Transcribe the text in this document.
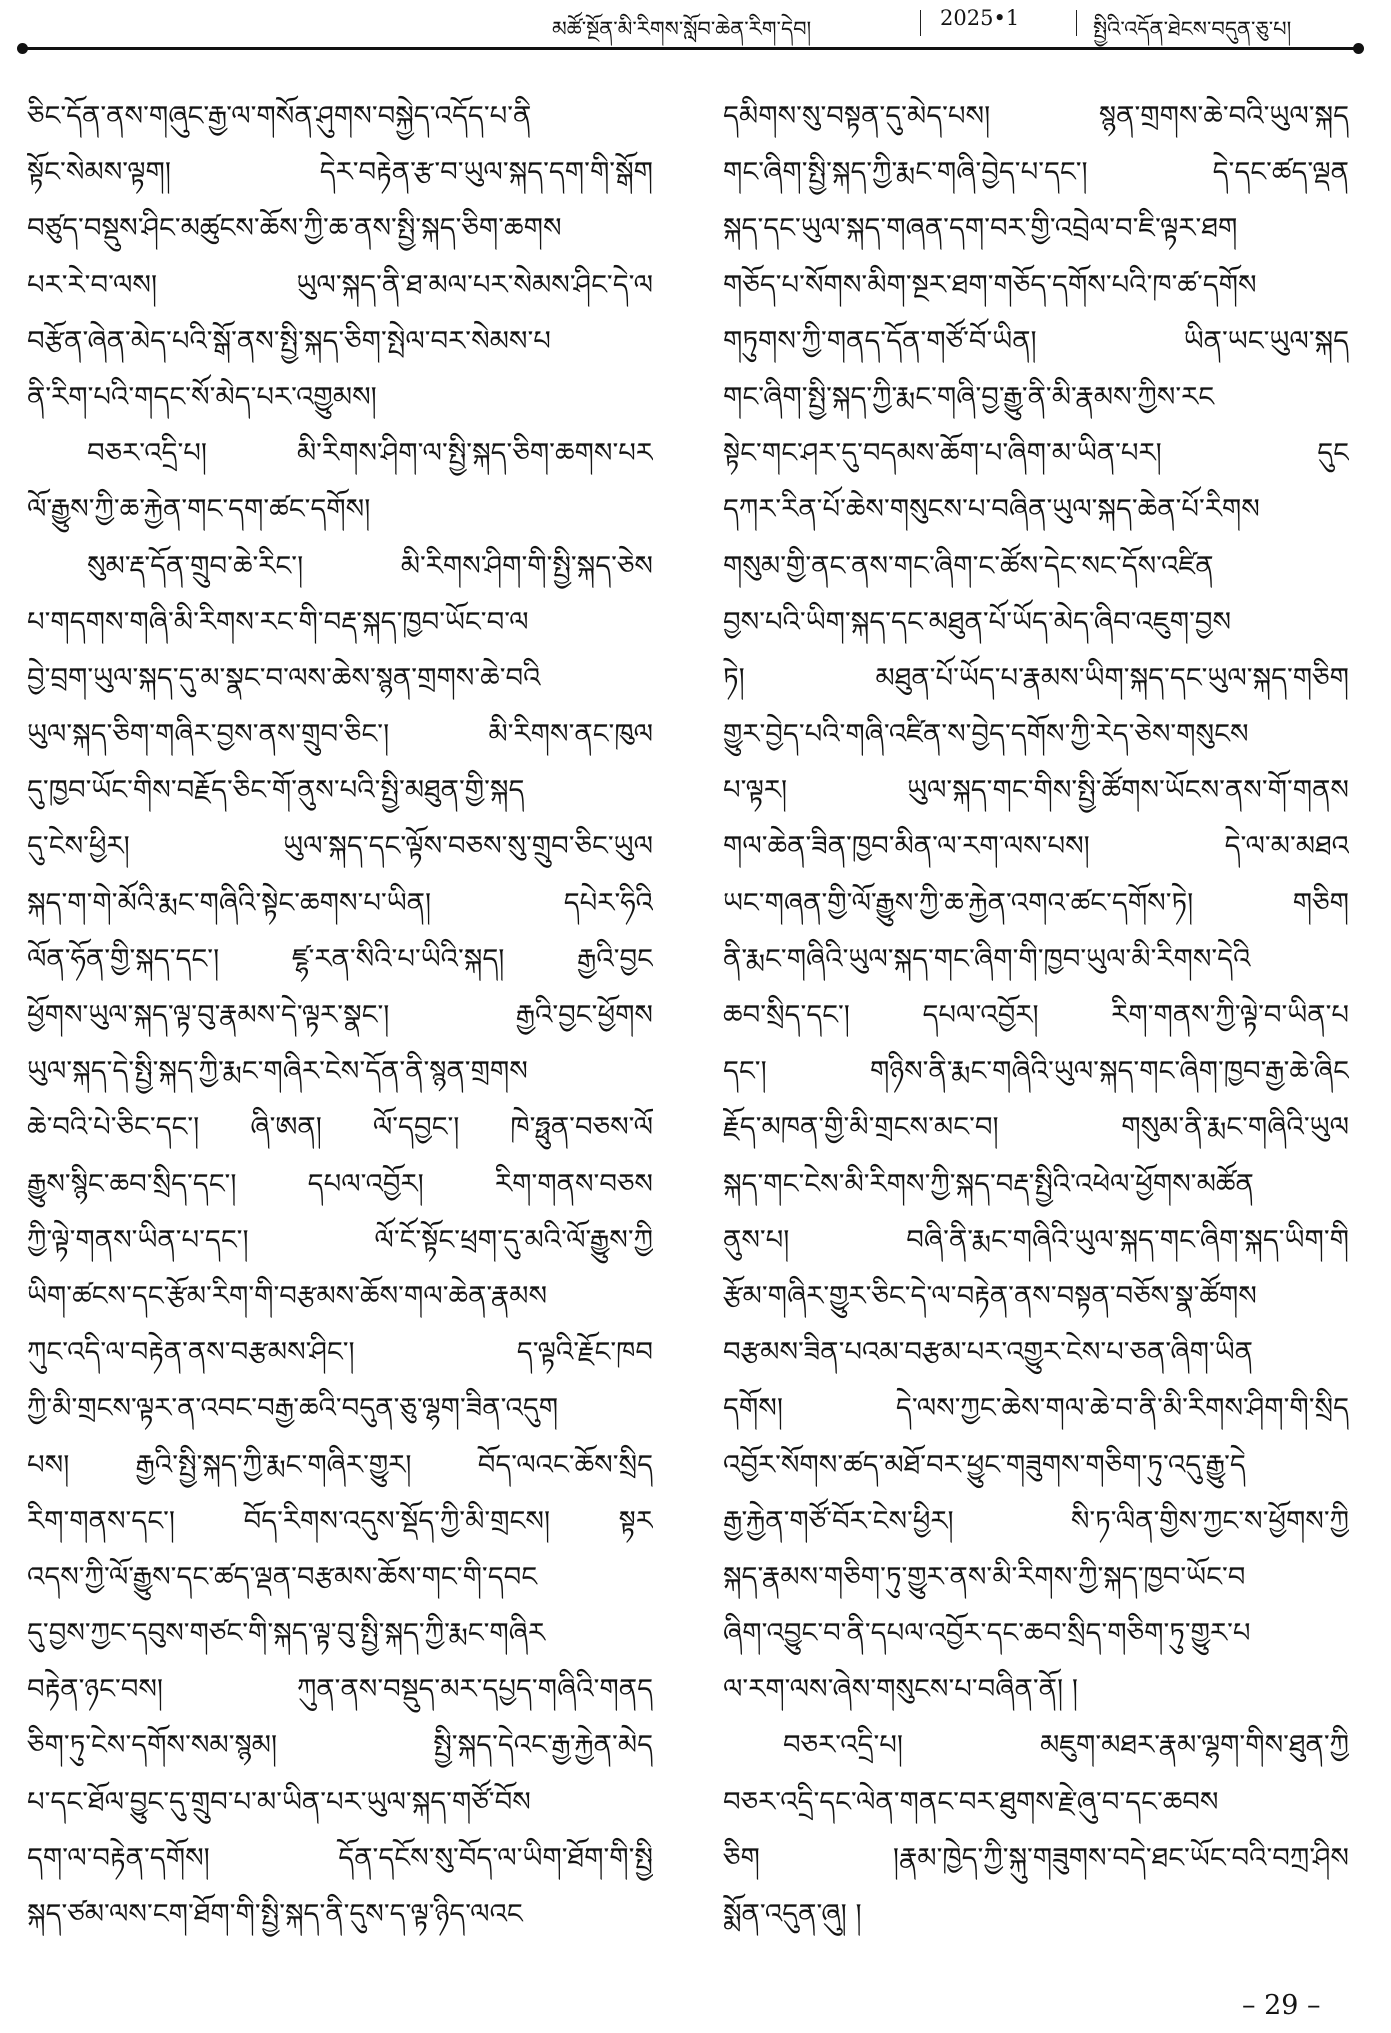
མཚོ་སྔོན་མི་རིགས་སློབ་ཆེན་རིག་དེབ།	2025•1	སྤྱིའི་འདོན་ཐེངས་བདུན་ཅུ་པ།
ཅིང་དོན་ནས་གཞུང་རྒྱ་ལ་གསོན་ཤུགས་བསྐྱེད་འདོད་པ་ནི
སྟོང་སེམས་ལྟག། དེར་བརྟེན་རྩ་བ་ཡུལ་སྐད་དག་གི་སྒོག
བཙུད་བསྡུས་ཤིང་མཚུངས་ཆོས་ཀྱི་ཆ་ནས་སྤྱི་སྐད་ཅིག་ཆགས
པར་རེ་བ་ལས། ཡུལ་སྐད་ནི་ཐ་མལ་པར་སེམས་ཤིང་དེ་ལ
བརྩོན་ཞེན་མེད་པའི་སྒོ་ནས་སྤྱི་སྐད་ཅིག་སྤེལ་བར་སེམས་པ
ནི་རིག་པའི་གདང་སོ་མེད་པར་འགྱུམས།
བཅར་འདྲི་པ། མི་རིགས་ཤིག་ལ་སྤྱི་སྐད་ཅིག་ཆགས་པར
ལོ་རྒྱུས་ཀྱི་ཆ་རྐྱེན་གང་དག་ཚང་དགོས།
སུམ་རྡ་དོན་གྲུབ་ཆེ་རིང་། མི་རིགས་ཤིག་གི་སྤྱི་སྐད་ཅེས
པ་གདགས་གཞི་མི་རིགས་རང་གི་བརྡ་སྐད་ཁྱབ་ཡོང་བ་ལ
བྱེ་བྲག་ཡུལ་སྐད་དུ་མ་སྣང་བ་ལས་ཆེས་སྙན་གྲགས་ཆེ་བའི
ཡུལ་སྐད་ཅིག་གཞིར་བྱས་ནས་གྲུབ་ཅིང་། མི་རིགས་ནང་ཁུལ
དུ་ཁྱབ་ཡོང་གིས་བརྗོད་ཅིང་གོ་ནུས་པའི་སྤྱི་མཐུན་གྱི་སྐད
དུ་ངེས་ཕྱིར། ཡུལ་སྐད་དང་ལྟོས་བཅས་སུ་གྲུབ་ཅིང་ཡུལ
སྐད་ག་གེ་མོའི་རྨང་གཞིའི་སྟེང་ཆགས་པ་ཡིན། དཔེར་ཧིའི
ལོན་ཧོན་གྱི་སྐད་དང་། ཛྷ་རན་སིའི་པ་ཡིའི་སྐད། རྒྱའི་བྱང
ཕྱོགས་ཡུལ་སྐད་ལྟ་བུ་རྣམས་དེ་ལྟར་སྣང་། རྒྱའི་བྱང་ཕྱོགས
ཡུལ་སྐད་དེ་སྤྱི་སྐད་ཀྱི་རྨང་གཞིར་ངེས་དོན་ནི་སྙན་གྲགས
ཆེ་བའི་པེ་ཅིང་དང་། ཞི་ཨན། ལོ་དབྱང་། ཁེ་ཧྥུན་བཅས་ལོ
རྒྱུས་སྙིང་ཆབ་སྲིད་དང་། དཔལ་འབྱོར། རིག་གནས་བཅས
ཀྱི་ལྟེ་གནས་ཡིན་པ་དང་། ལོ་ངོ་སྟོང་ཕྲག་དུ་མའི་ལོ་རྒྱུས་ཀྱི
ཡིག་ཚངས་དང་རྩོམ་རིག་གི་བརྩམས་ཆོས་གལ་ཆེན་རྣམས
ཀུང་འདི་ལ་བརྟེན་ནས་བརྩམས་ཤིང་། ད་ལྟའི་རྗོང་ཁབ
ཀྱི་མི་གྲངས་ལྟར་ན་འབང་བརྒྱ་ཆའི་བདུན་ཅུ་ལྷག་ཟིན་འདུག
པས། རྒྱའི་སྤྱི་སྐད་ཀྱི་རྨང་གཞིར་གྱུར། བོད་ལའང་ཆོས་སྲིད
རིག་གནས་དང་། བོད་རིགས་འདུས་སྡོད་ཀྱི་མི་གྲངས། སྟར
འདས་ཀྱི་ལོ་རྒྱུས་དང་ཚད་ལྡན་བརྩམས་ཆོས་གང་གི་དབང
དུ་བྱས་ཀྱང་དབུས་གཙང་གི་སྐད་ལྟ་བུ་སྤྱི་སྐད་ཀྱི་རྨང་གཞིར
བརྟེན་ཉང་བས། ཀུན་ནས་བསྡུད་མར་དཔྱད་གཞིའི་གནད
ཅིག་ཏུ་ངེས་དགོས་སམ་སྙམ། སྤྱི་སྐད་དེའང་རྒྱ་རྐྱེན་མེད
པ་དང་ཐོལ་བྱུང་དུ་གྲུབ་པ་མ་ཡིན་པར་ཡུལ་སྐད་གཙོ་བོས
དག་ལ་བརྟེན་དགོས། དོན་དངོས་སུ་བོད་ལ་ཡིག་ཐོག་གི་སྤྱི
སྐད་ཙམ་ལས་ངག་ཐོག་གི་སྤྱི་སྐད་ནི་དུས་ད་ལྟ་ཉིད་ལའང
དམིགས་སུ་བསྟན་དུ་མེད་པས། སྙན་གྲགས་ཆེ་བའི་ཡུལ་སྐད
གང་ཞིག་སྤྱི་སྐད་ཀྱི་རྨང་གཞི་བྱེད་པ་དང་། དེ་དང་ཚད་ལྡན
སྐད་དང་ཡུལ་སྐད་གཞན་དག་བར་གྱི་འབྲེལ་བ་ཇི་ལྟར་ཐག
གཅོད་པ་སོགས་མིག་སྔར་ཐག་གཅོད་དགོས་པའི་ཁ་ཚ་དགོས
གཏུགས་ཀྱི་གནད་དོན་གཙོ་བོ་ཡིན། ཡིན་ཡང་ཡུལ་སྐད
གང་ཞིག་སྤྱི་སྐད་ཀྱི་རྨང་གཞི་བྱ་རྒྱུ་ནི་མི་རྣམས་ཀྱིས་རང
སྟེང་གང་ཤར་དུ་བདམས་ཆོག་པ་ཞིག་མ་ཡིན་པར། དུང
དཀར་རིན་པོ་ཆེས་གསུངས་པ་བཞིན་ཡུལ་སྐད་ཆེན་པོ་རིགས
གསུམ་གྱི་ནང་ནས་གང་ཞིག་ང་ཚོས་དེང་སང་དོས་འཛིན
བྱས་པའི་ཡིག་སྐད་དང་མཐུན་པོ་ཡོད་མེད་ཞིབ་འཇུག་བྱས
ཏེ། མཐུན་པོ་ཡོད་པ་རྣམས་ཡིག་སྐད་དང་ཡུལ་སྐད་གཅིག
གྱུར་བྱེད་པའི་གཞི་འཛིན་ས་བྱེད་དགོས་ཀྱི་རེད་ཅེས་གསུངས
པ་ལྟར། ཡུལ་སྐད་གང་གིས་སྤྱི་ཚོགས་ཡོངས་ནས་གོ་གནས
གལ་ཆེན་ཟིན་ཁྱབ་མིན་ལ་རག་ལས་པས། དེ་ལ་མ་མཐའ
ཡང་གཞན་གྱི་ལོ་རྒྱུས་ཀྱི་ཆ་རྐྱེན་འགའ་ཚང་དགོས་ཏེ། གཅིག
ནི་རྨང་གཞིའི་ཡུལ་སྐད་གང་ཞིག་གི་ཁྱབ་ཡུལ་མི་རིགས་དེའི
ཆབ་སྲིད་དང་། དཔལ་འབྱོར། རིག་གནས་ཀྱི་ལྟེ་བ་ཡིན་པ
དང་། གཉིས་ནི་རྨང་གཞིའི་ཡུལ་སྐད་གང་ཞིག་ཁྱབ་རྒྱ་ཆེ་ཞིང
རྗོད་མཁན་གྱི་མི་གྲངས་མང་བ། གསུམ་ནི་རྨང་གཞིའི་ཡུལ
སྐད་གང་ངེས་མི་རིགས་ཀྱི་སྐད་བརྡ་སྤྱིའི་འཕེལ་ཕྱོགས་མཚོན
ནུས་པ། བཞི་ནི་རྨང་གཞིའི་ཡུལ་སྐད་གང་ཞིག་སྐད་ཡིག་གི
རྩོམ་གཞིར་གྱུར་ཅིང་དེ་ལ་བརྟེན་ནས་བསྟན་བཅོས་སྣ་ཚོགས
བརྩམས་ཟིན་པའམ་བརྩམ་པར་འགྱུར་ངེས་པ་ཅན་ཞིག་ཡིན
དགོས། དེ་ལས་ཀྱང་ཆེས་གལ་ཆེ་བ་ནི་མི་རིགས་ཤིག་གི་སྲིད
འབྱོར་སོགས་ཚད་མཐོ་བར་ཕྱུང་གཟུགས་གཅིག་ཏུ་འདུ་རྒྱུ་དེ
རྒྱ་རྐྱེན་གཙོ་བོར་ངེས་ཕྱིར། སི་ཏ་ལིན་གྱིས་ཀྱང་ས་ཕྱོགས་ཀྱི
སྐད་རྣམས་གཅིག་ཏུ་གྱུར་ནས་མི་རིགས་ཀྱི་སྐད་ཁྱབ་ཡོང་བ
ཞིག་འབྱུང་བ་ནི་དཔལ་འབྱོར་དང་ཆབ་སྲིད་གཅིག་ཏུ་གྱུར་པ
ལ་རག་ལས་ཞེས་གསུངས་པ་བཞིན་ནོ། །
བཅར་འདྲི་པ། མཇུག་མཐར་རྣམ་ལྷག་གིས་ཐུན་ཀྱི
བཅར་འདྲི་དང་ལེན་གནང་བར་ཐུགས་རྗེ་ཞུ་བ་དང་ཆབས
ཅིག །རྣམ་ཁྱེད་ཀྱི་སྐུ་གཟུགས་བདེ་ཐང་ཡོང་བའི་བཀྲ་ཤིས
སྨོན་འདུན་ཞུ། །
– 29 –
